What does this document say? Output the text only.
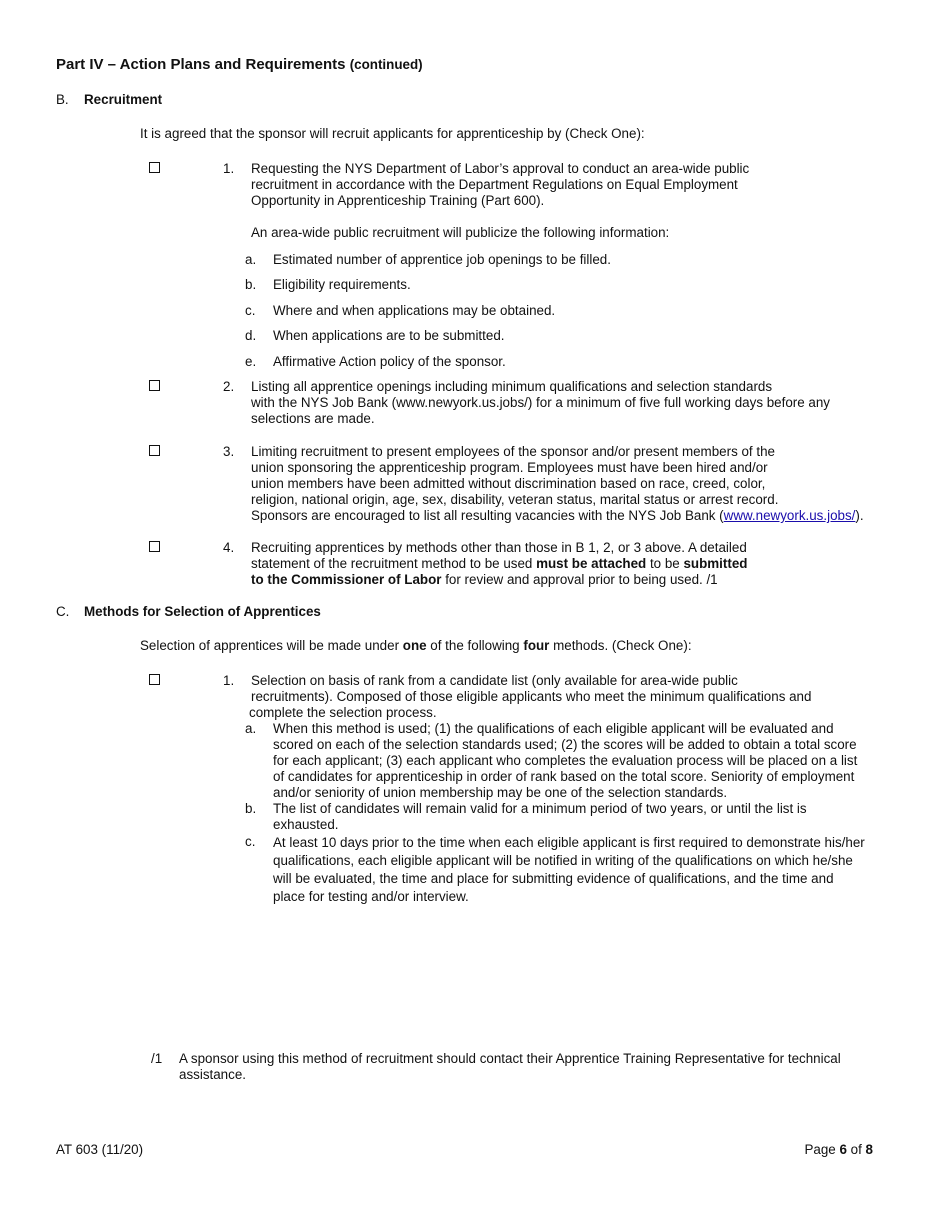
Part IV – Action Plans and Requirements (continued)
B. Recruitment
It is agreed that the sponsor will recruit applicants for apprenticeship by (Check One):
1. Requesting the NYS Department of Labor’s approval to conduct an area-wide public
recruitment in accordance with the Department Regulations on Equal Employment
Opportunity in Apprenticeship Training (Part 600).
An area-wide public recruitment will publicize the following information:
a. Estimated number of apprentice job openings to be filled.
b. Eligibility requirements.
c. Where and when applications may be obtained.
d. When applications are to be submitted.
e. Affirmative Action policy of the sponsor.
2. Listing all apprentice openings including minimum qualifications and selection standards
with the NYS Job Bank (www.newyork.us.jobs/) for a minimum of five full working days before any
selections are made.
3. Limiting recruitment to present employees of the sponsor and/or present members of the
union sponsoring the apprenticeship program. Employees must have been hired and/or
union members have been admitted without discrimination based on race, creed, color,
religion, national origin, age, sex, disability, veteran status, marital status or arrest record.
Sponsors are encouraged to list all resulting vacancies with the NYS Job Bank (www.newyork.us.jobs/).
4. Recruiting apprentices by methods other than those in B 1, 2, or 3 above. A detailed
statement of the recruitment method to be used must be attached to be submitted
to the Commissioner of Labor for review and approval prior to being used. /1
C. Methods for Selection of Apprentices
Selection of apprentices will be made under one of the following four methods. (Check One):
1. Selection on basis of rank from a candidate list (only available for area-wide public
recruitments). Composed of those eligible applicants who meet the minimum qualifications and
complete the selection process.
a. When this method is used; (1) the qualifications of each eligible applicant will be evaluated and
scored on each of the selection standards used; (2) the scores will be added to obtain a total score
for each applicant; (3) each applicant who completes the evaluation process will be placed on a list
of candidates for apprenticeship in order of rank based on the total score. Seniority of employment
and/or seniority of union membership may be one of the selection standards.
b. The list of candidates will remain valid for a minimum period of two years, or until the list is
exhausted.
c. At least 10 days prior to the time when each eligible applicant is first required to demonstrate his/her
qualifications, each eligible applicant will be notified in writing of the qualifications on which he/she
will be evaluated, the time and place for submitting evidence of qualifications, and the time and
place for testing and/or interview.
/1 A sponsor using this method of recruitment should contact their Apprentice Training Representative for technical
assistance.
AT 603 (11/20)	Page 6 of 8
